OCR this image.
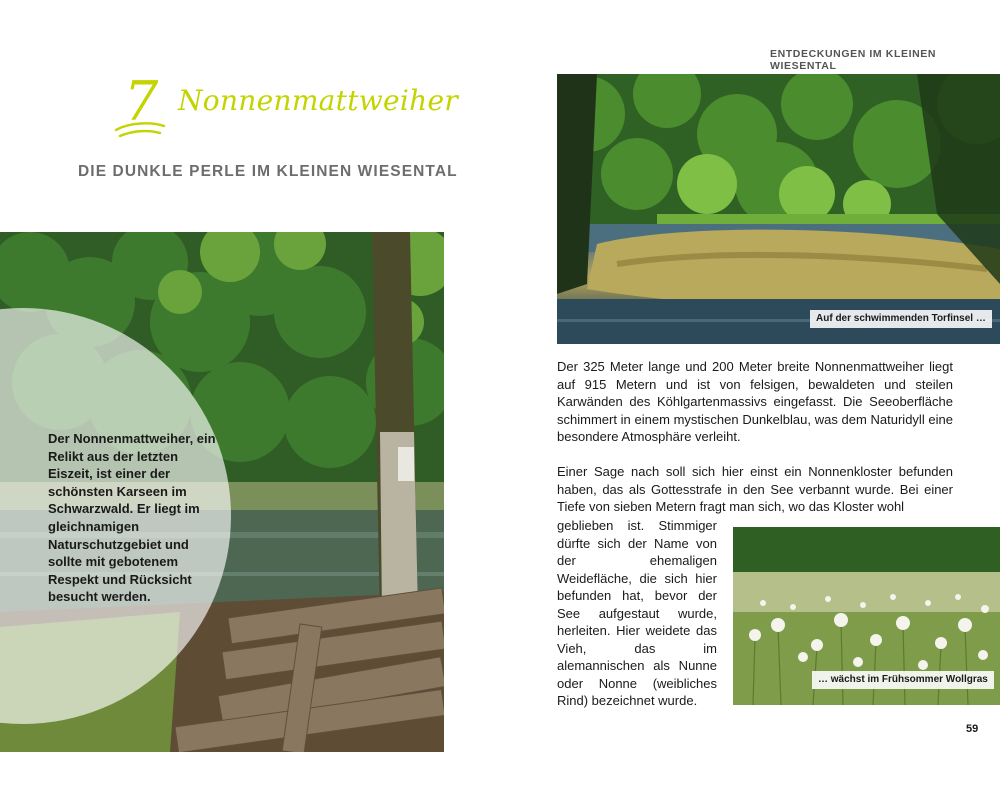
7 Nonnenmattweiher
DIE DUNKLE PERLE IM KLEINEN WIESENTAL
Der Nonnenmattweiher, ein Relikt aus der letzten Eiszeit, ist einer der schönsten Karseen im Schwarzwald. Er liegt im gleichnamigen Naturschutzgebiet und sollte mit gebotenem Respekt und Rücksicht besucht werden.
ENTDECKUNGEN IM KLEINEN WIESENTAL
Auf der schwimmenden Torfinsel …

Der 325 Meter lange und 200 Meter breite Nonnenmattweiher liegt auf 915 Metern und ist von felsigen, bewaldeten und steilen Karwänden des Köhlgartenmassivs eingefasst. Die Seeoberfläche schimmert in einem mystischen Dunkelblau, was dem Naturidyll eine besondere Atmosphäre verleiht.

Einer Sage nach soll sich hier einst ein Nonnenkloster befunden haben, das als Gottesstrafe in den See verbannt wurde. Bei einer Tiefe von sieben Metern fragt man sich, wo das Kloster wohl

geblieben ist. Stimmiger dürfte sich der Name von der ehemaligen Weidefläche, die sich hier befunden hat, bevor der See aufgestaut wurde, herleiten. Hier weidete das Vieh, das im alemannischen als Nunne oder Nonne (weibliches Rind) bezeichnet wurde.

… wächst im Frühsommer Wollgras
59
